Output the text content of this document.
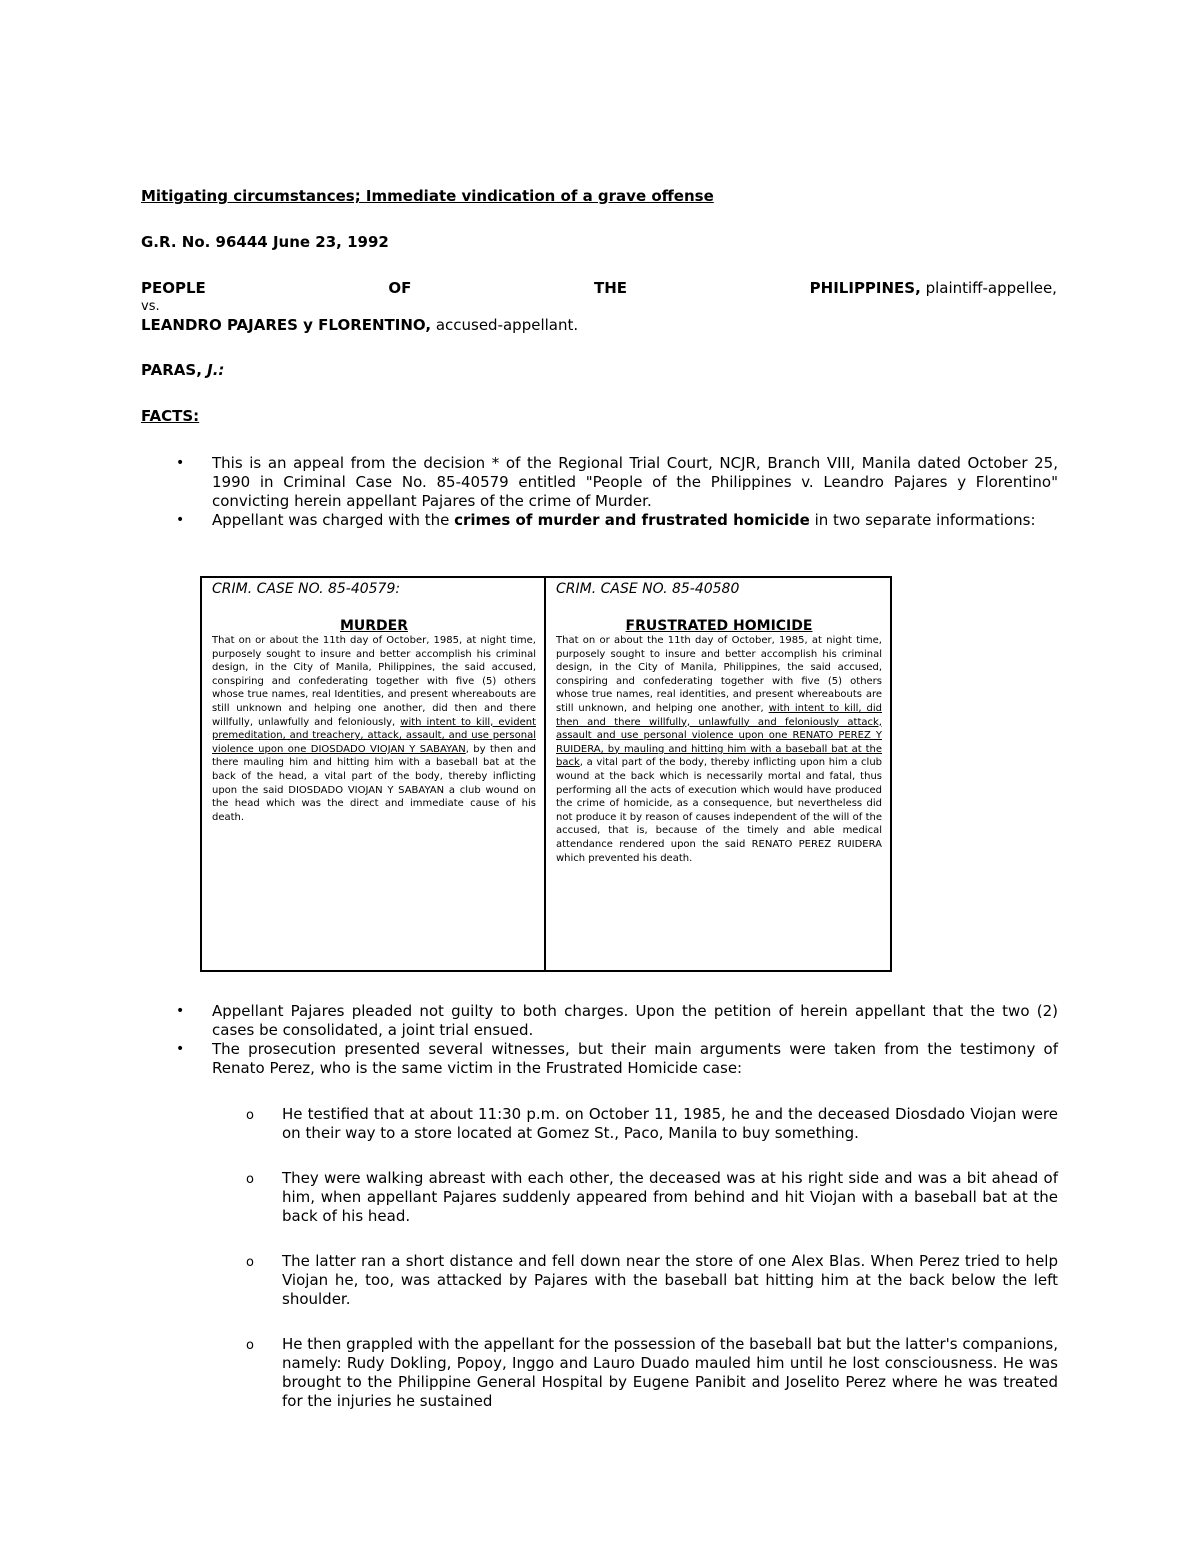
Mitigating circumstances; Immediate vindication of a grave offense
G.R. No. 96444 June 23, 1992
PEOPLE	OF	THE	PHILIPPINES, plaintiff-appellee,
vs.
LEANDRO PAJARES y FLORENTINO, accused-appellant.
PARAS, J.:
FACTS:
• This is an appeal from the decision * of the Regional Trial Court, NCJR, Branch VIII, Manila dated October 25, 1990 in Criminal Case No. 85-40579 entitled "People of the Philippines v. Leandro Pajares y Florentino" convicting herein appellant Pajares of the crime of Murder.
• Appellant was charged with the crimes of murder and frustrated homicide in two separate informations:

CRIM. CASE NO. 85-40579:

MURDER

That on or about the 11th day of October, 1985, at night time, purposely sought to insure and better accomplish his criminal design, in the City of Manila, Philippines, the said accused, conspiring and confederating together with five (5) others whose true names, real Identities, and present whereabouts are still unknown and helping one another, did then and there willfully, unlawfully and feloniously, with intent to kill, evident premeditation, and treachery, attack, assault, and use personal violence upon one DIOSDADO VIOJAN Y SABAYAN, by then and there mauling him and hitting him with a baseball bat at the back of the head, a vital part of the body, thereby inflicting upon the said DIOSDADO VIOJAN Y SABAYAN a club wound on the head which was the direct and immediate cause of his death.

CRIM. CASE NO. 85-40580

FRUSTRATED HOMICIDE

That on or about the 11th day of October, 1985, at night time, purposely sought to insure and better accomplish his criminal design, in the City of Manila, Philippines, the said accused, conspiring and confederating together with five (5) others whose true names, real identities, and present whereabouts are still unknown, and helping one another, with intent to kill, did then and there willfully, unlawfully and feloniously attack, assault and use personal violence upon one RENATO PEREZ Y RUIDERA, by mauling and hitting him with a baseball bat at the back, a vital part of the body, thereby inflicting upon him a club wound at the back which is necessarily mortal and fatal, thus performing all the acts of execution which would have produced the crime of homicide, as a consequence, but nevertheless did not produce it by reason of causes independent of the will of the accused, that is, because of the timely and able medical attendance rendered upon the said RENATO PEREZ RUIDERA which prevented his death.

• Appellant Pajares pleaded not guilty to both charges. Upon the petition of herein appellant that the two (2) cases be consolidated, a joint trial ensued.
• The prosecution presented several witnesses, but their main arguments were taken from the testimony of Renato Perez, who is the same victim in the Frustrated Homicide case:
o He testified that at about 11:30 p.m. on October 11, 1985, he and the deceased Diosdado Viojan were on their way to a store located at Gomez St., Paco, Manila to buy something.
o They were walking abreast with each other, the deceased was at his right side and was a bit ahead of him, when appellant Pajares suddenly appeared from behind and hit Viojan with a baseball bat at the back of his head.
o The latter ran a short distance and fell down near the store of one Alex Blas. When Perez tried to help Viojan he, too, was attacked by Pajares with the baseball bat hitting him at the back below the left shoulder.
o He then grappled with the appellant for the possession of the baseball bat but the latter's companions, namely: Rudy Dokling, Popoy, Inggo and Lauro Duado mauled him until he lost consciousness. He was brought to the Philippine General Hospital by Eugene Panibit and Joselito Perez where he was treated for the injuries he sustained
